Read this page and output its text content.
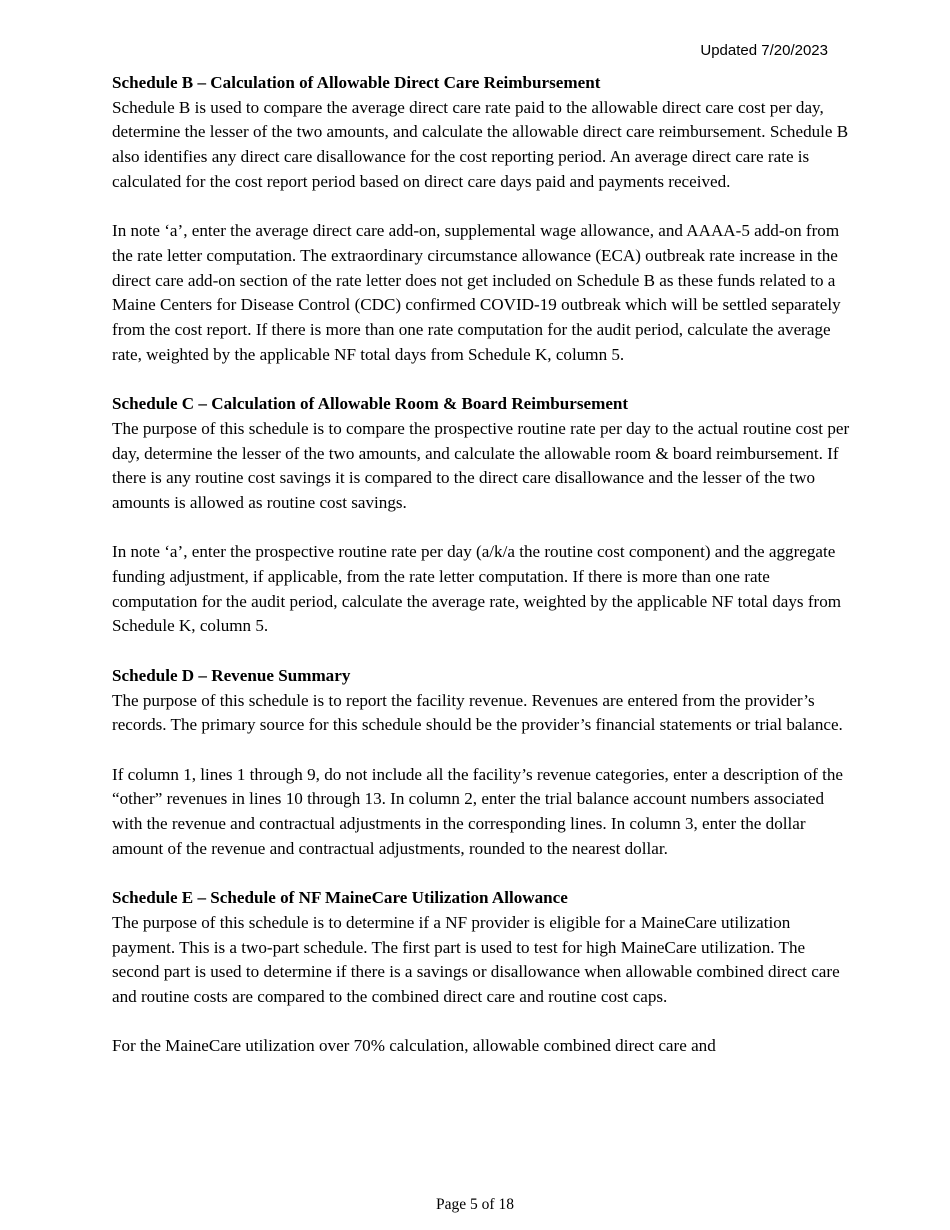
Updated 7/20/2023

Schedule B – Calculation of Allowable Direct Care Reimbursement

Schedule B is used to compare the average direct care rate paid to the allowable direct care cost per day, determine the lesser of the two amounts, and calculate the allowable direct care reimbursement. Schedule B also identifies any direct care disallowance for the cost reporting period. An average direct care rate is calculated for the cost report period based on direct care days paid and payments received.

In note ‘a’, enter the average direct care add-on, supplemental wage allowance, and AAAA-5 add-on from the rate letter computation. The extraordinary circumstance allowance (ECA) outbreak rate increase in the direct care add-on section of the rate letter does not get included on Schedule B as these funds related to a Maine Centers for Disease Control (CDC) confirmed COVID-19 outbreak which will be settled separately from the cost report. If there is more than one rate computation for the audit period, calculate the average rate, weighted by the applicable NF total days from Schedule K, column 5.

Schedule C – Calculation of Allowable Room & Board Reimbursement

The purpose of this schedule is to compare the prospective routine rate per day to the actual routine cost per day, determine the lesser of the two amounts, and calculate the allowable room & board reimbursement. If there is any routine cost savings it is compared to the direct care disallowance and the lesser of the two amounts is allowed as routine cost savings.

In note ‘a’, enter the prospective routine rate per day (a/k/a the routine cost component) and the aggregate funding adjustment, if applicable, from the rate letter computation. If there is more than one rate computation for the audit period, calculate the average rate, weighted by the applicable NF total days from Schedule K, column 5.

Schedule D – Revenue Summary

The purpose of this schedule is to report the facility revenue. Revenues are entered from the provider’s records. The primary source for this schedule should be the provider’s financial statements or trial balance.

If column 1, lines 1 through 9, do not include all the facility’s revenue categories, enter a description of the “other” revenues in lines 10 through 13. In column 2, enter the trial balance account numbers associated with the revenue and contractual adjustments in the corresponding lines. In column 3, enter the dollar amount of the revenue and contractual adjustments, rounded to the nearest dollar.

Schedule E – Schedule of NF MaineCare Utilization Allowance

The purpose of this schedule is to determine if a NF provider is eligible for a MaineCare utilization payment. This is a two-part schedule. The first part is used to test for high MaineCare utilization. The second part is used to determine if there is a savings or disallowance when allowable combined direct care and routine costs are compared to the combined direct care and routine cost caps.

For the MaineCare utilization over 70% calculation, allowable combined direct care and

Page 5 of 18
